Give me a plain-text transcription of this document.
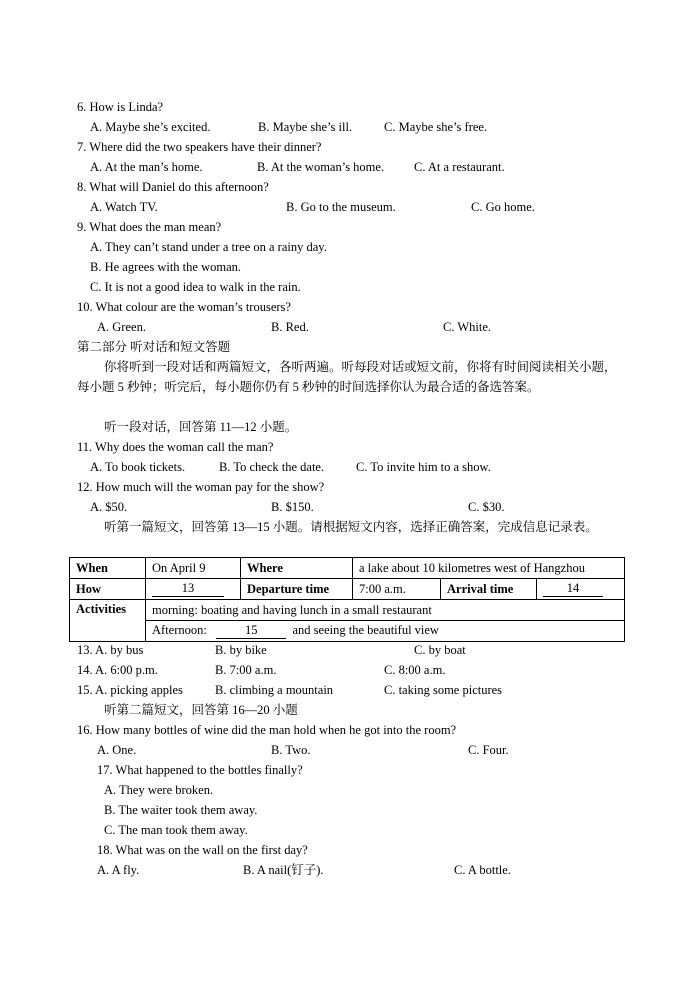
6. How is Linda?
A. Maybe she’s excited.	B. Maybe she’s ill.	C. Maybe she’s free.
7. Where did the two speakers have their dinner?
A. At the man’s home.	B. At the woman’s home. C. At a restaurant.
8. What will Daniel do this afternoon?
A. Watch TV.	B. Go to the museum.	C. Go home.
9. What does the man mean?
A. They can’t stand under a tree on a rainy day.
B. He agrees with the woman.
C. It is not a good idea to walk in the rain.
10. What colour are the woman’s trousers?
A. Green.	B. Red.	C. White.
第二部分 听对话和短文答题
你将听到一段对话和两篇短文，各听两遍。听每段对话或短文前，你将有时间阅读相关小题，每小题 5 秒钟；听完后，每小题你仍有 5 秒钟的时间选择你认为最合适的备选答案。
听一段对话，回答第 11—12 小题。
11. Why does the woman call the man?
A. To book tickets.	B. To check the date.	C. To invite him to a show.
12. How much will the woman pay for the show?
A. $50.	B. $150.	C. $30.
听第一篇短文，回答第 13—15 小题。请根据短文内容，选择正确答案，完成信息记录表。
When	On April 9	Where	a lake about 10 kilometres west of Hangzhou		
How	13	Departure time	7:00 a.m.	Arrival time	14
Activities	morning: boating and having lunch in a small restaurant				
	Afternoon: 15 and seeing the beautiful view				
13. A. by bus	B. by bike	C. by boat
14. A. 6:00 p.m.	B. 7:00 a.m.	C. 8:00 a.m.
15. A. picking apples	B. climbing a mountain	C. taking some pictures
听第二篇短文，回答第 16—20 小题
16. How many bottles of wine did the man hold when he got into the room?
A. One.	B. Two.	C. Four.
17. What happened to the bottles finally?
A. They were broken.
B. The waiter took them away.
C. The man took them away.
18. What was on the wall on the first day?
A. A fly.	B. A nail(钉子).	C. A bottle.
